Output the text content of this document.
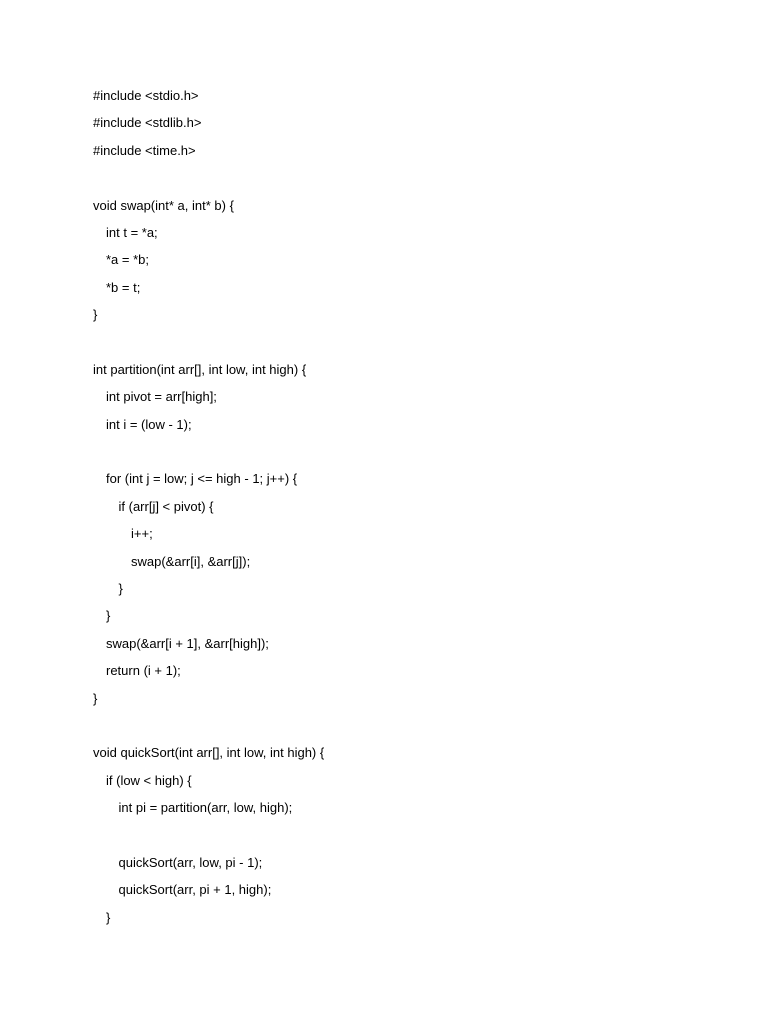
#include <stdio.h>
#include <stdlib.h>
#include <time.h>
void swap(int* a, int* b) {
int t = *a;
*a = *b;
*b = t;
}
int partition(int arr[], int low, int high) {
int pivot = arr[high];
int i = (low - 1);
for (int j = low; j <= high - 1; j++) {
if (arr[j] < pivot) {
i++;
swap(&arr[i], &arr[j]);
}
}
swap(&arr[i + 1], &arr[high]);
return (i + 1);
}
void quickSort(int arr[], int low, int high) {
if (low < high) {
int pi = partition(arr, low, high);
quickSort(arr, low, pi - 1);
quickSort(arr, pi + 1, high);
}
